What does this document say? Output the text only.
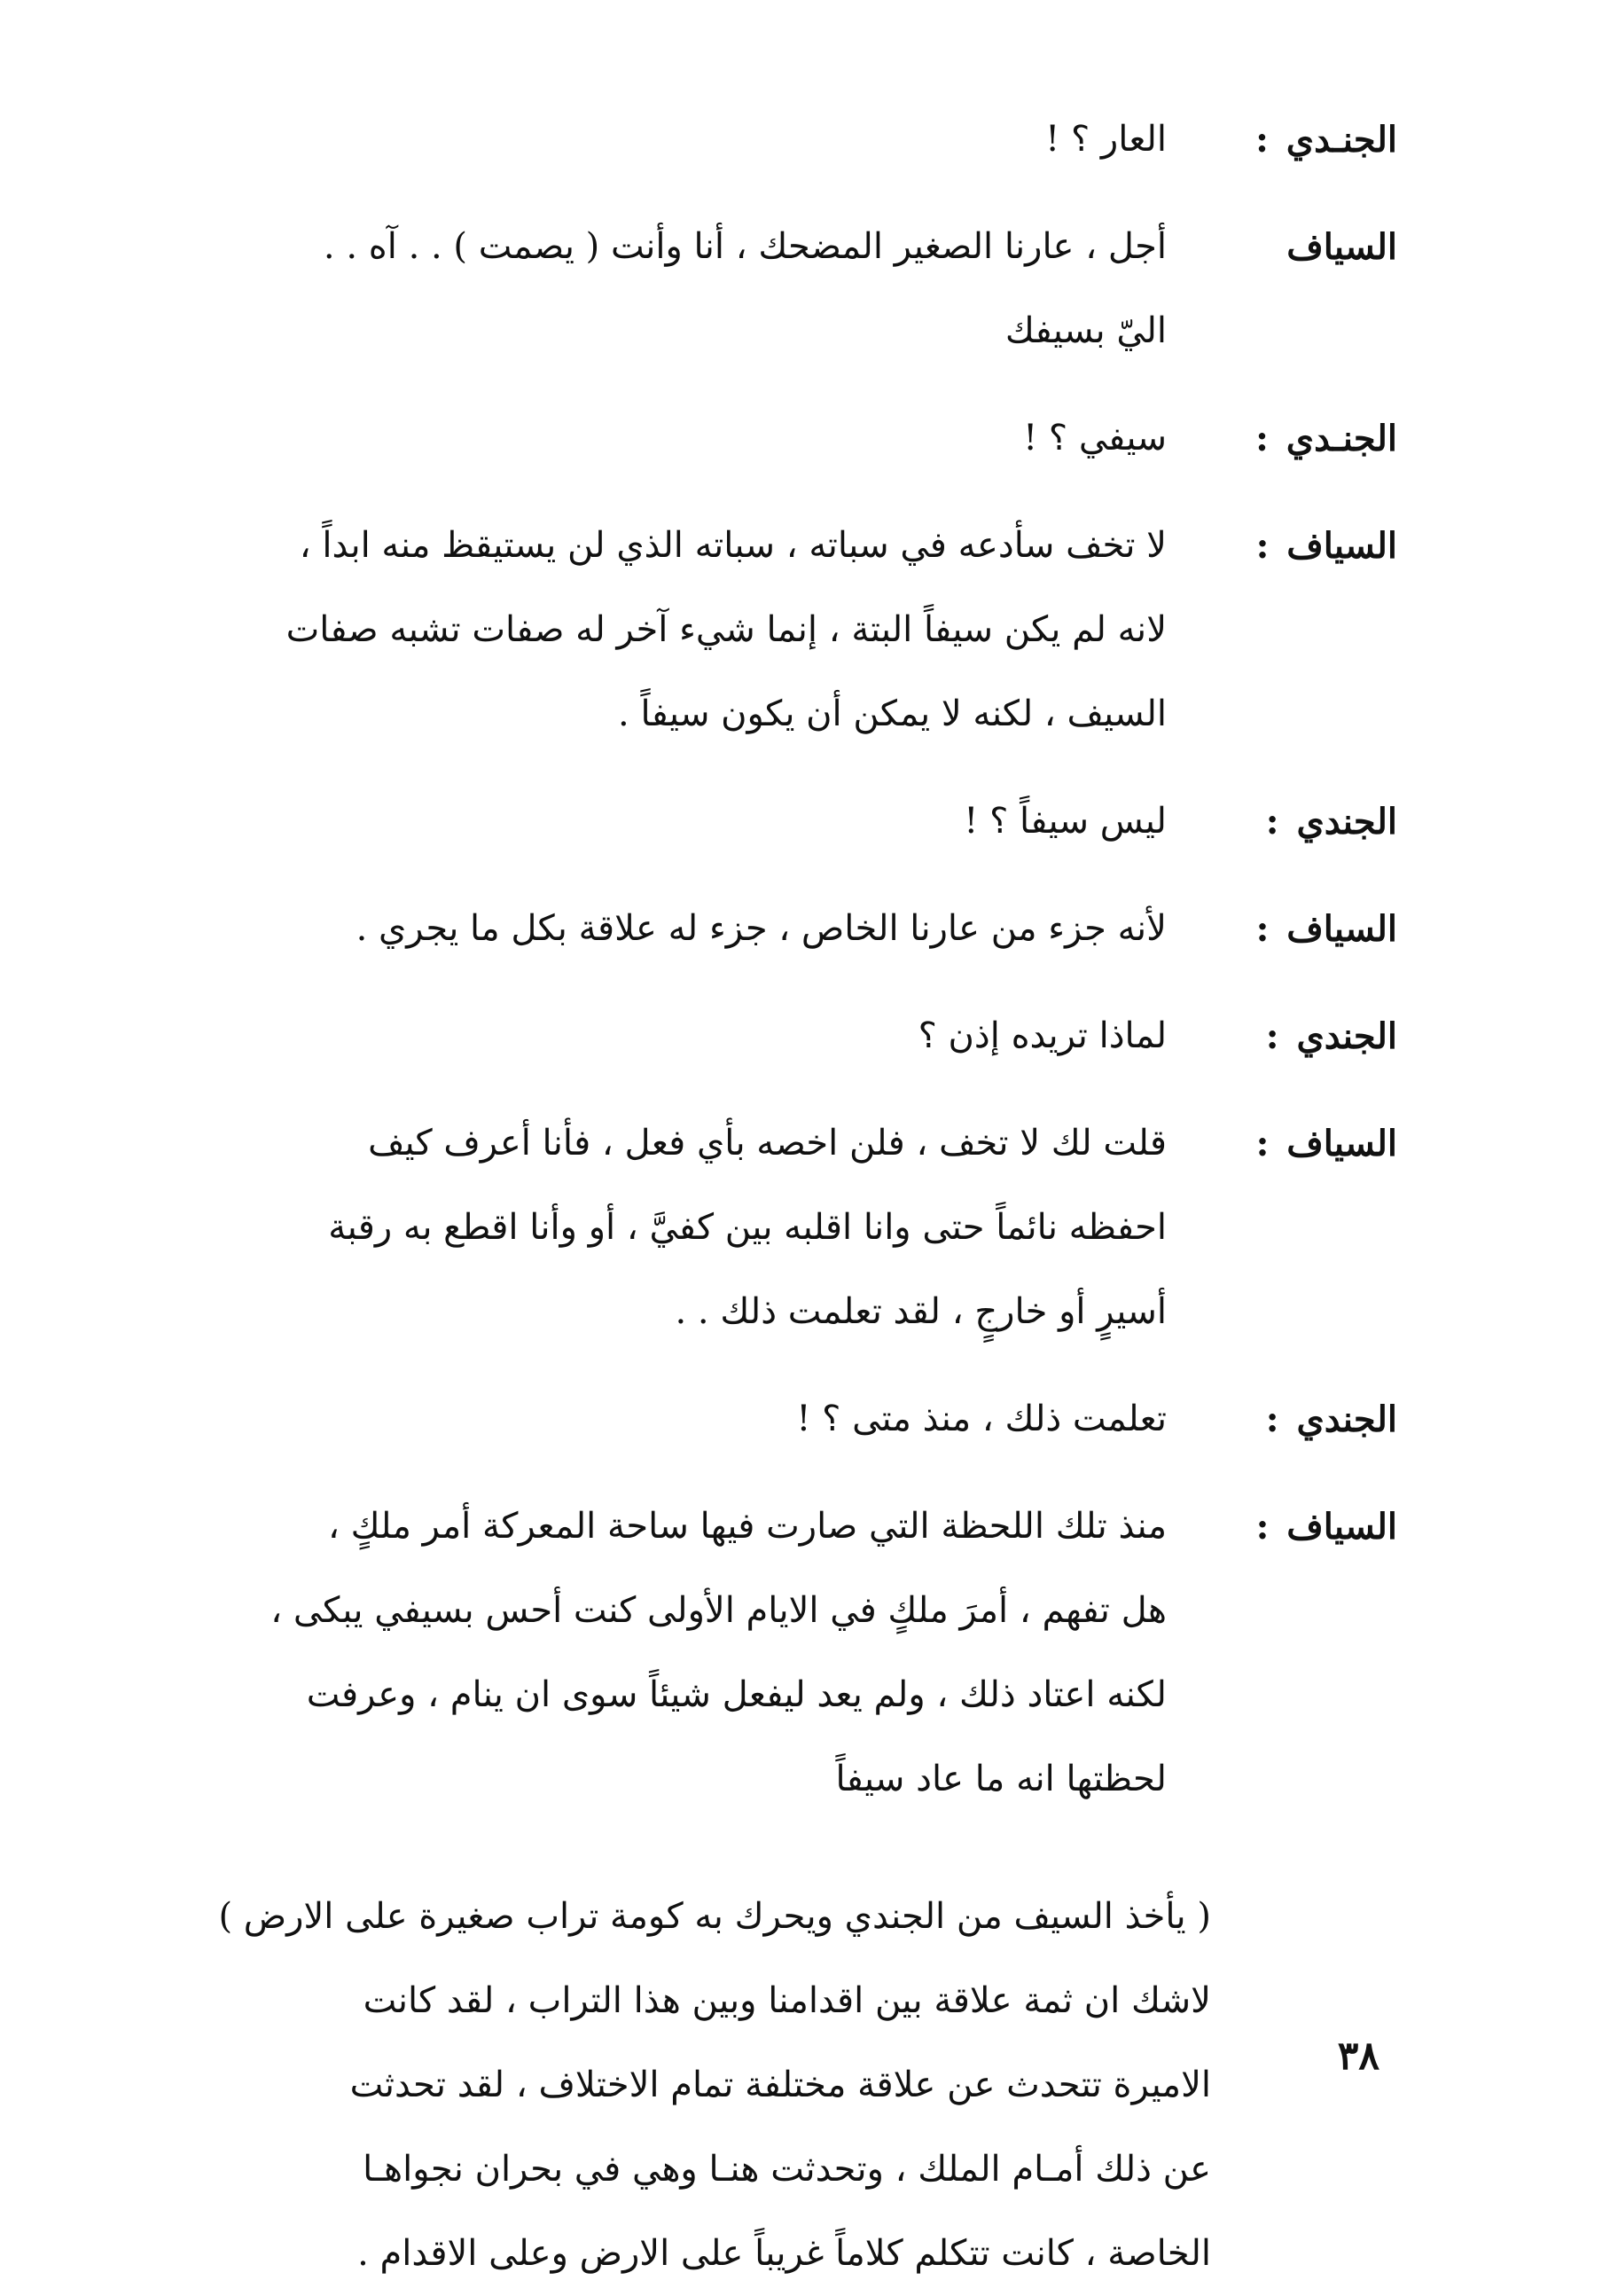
الجنـدي :
العار ؟ !
السياف
أجل ، عارنا الصغير المضحك ، أنا وأنت ( يصمت ) . . آه . .
اليّ بسيفك
الجنـدي :
سيفي ؟ !
السياف :
لا تخف سأدعه في سباته ، سباته الذي لن يستيقظ منه ابداً ،
لانه لم يكن سيفاً البتة ، إنما شيء آخر له صفات تشبه صفات
السيف ، لكنه لا يمكن أن يكون سيفاً .
الجندي :
ليس سيفاً ؟ !
السياف :
لأنه جزء من عارنا الخاص ، جزء له علاقة بكل ما يجري .
الجندي :
لماذا تريده إذن ؟
السياف :
قلت لك لا تخف ، فلن اخصه بأي فعل ، فأنا أعرف كيف
احفظه نائماً حتى وانا اقلبه بين كفيَّ ، أو وأنا اقطع به رقبة
أسيرٍ أو خارجٍ ، لقد تعلمت ذلك . .
الجندي :
تعلمت ذلك ، منذ متى ؟ !
السياف :
منذ تلك اللحظة التي صارت فيها ساحة المعركة أمر ملكٍ ،
هل تفهم ، أمرَ ملكٍ في الايام الأولى كنت أحس بسيفي يبكى ،
لكنه اعتاد ذلك ، ولم يعد ليفعل شيئاً سوى ان ينام ، وعرفت
لحظتها انه ما عاد سيفاً
( يأخذ السيف من الجندي ويحرك به كومة تراب صغيرة على الارض )
لاشك ان ثمة علاقة بين اقدامنا وبين هذا التراب ، لقد كانت
الاميرة تتحدث عن علاقة مختلفة تمام الاختلاف ، لقد تحدثت
عن ذلك أمـام الملك ، وتحدثت هنـا وهي في بحران نجواهـا
الخاصة ، كانت تتكلم كلاماً غريباً على الارض وعلى الاقدام .
٣٨
